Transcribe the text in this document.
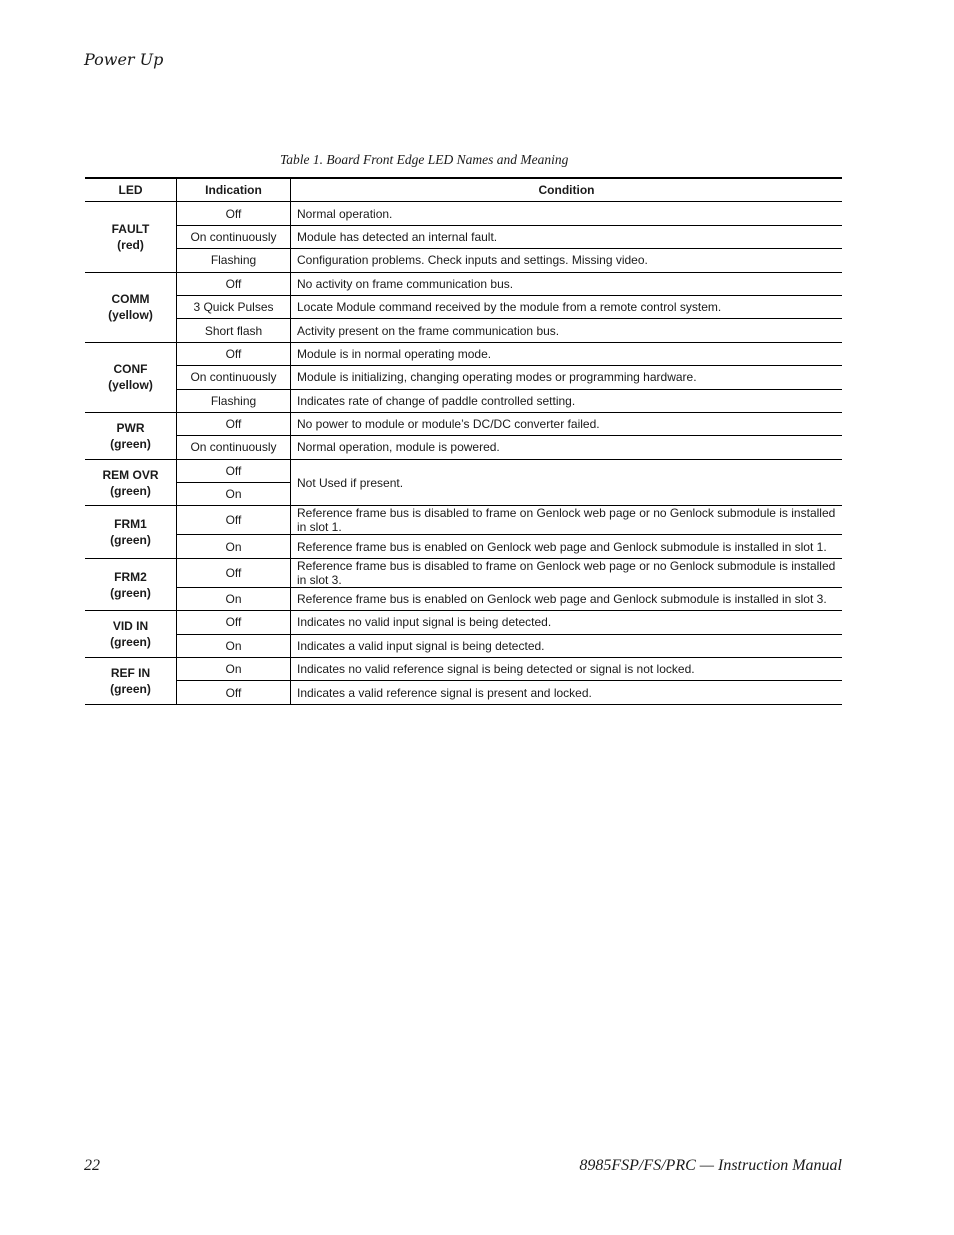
Power Up
Table 1. Board Front Edge LED Names and Meaning
LED	Indication	Condition
FAULT
(red)	Off	Normal operation.
	On continuously	Module has detected an internal fault.
	Flashing	Configuration problems. Check inputs and settings. Missing video.
COMM
(yellow)	Off	No activity on frame communication bus.
	3 Quick Pulses	Locate Module command received by the module from a remote control system.
	Short flash	Activity present on the frame communication bus.
CONF
(yellow)	Off	Module is in normal operating mode.
	On continuously	Module is initializing, changing operating modes or programming hardware.
	Flashing	Indicates rate of change of paddle controlled setting.
PWR
(green)	Off	No power to module or module’s DC/DC converter failed.
	On continuously	Normal operation, module is powered.
REM OVR
(green)	Off	Not Used if present.
	On	
FRM1
(green)	Off	Reference frame bus is disabled to frame on Genlock web page or no Genlock submodule is installed in slot 1.
	On	Reference frame bus is enabled on Genlock web page and Genlock submodule is installed in slot 1.
FRM2
(green)	Off	Reference frame bus is disabled to frame on Genlock web page or no Genlock submodule is installed in slot 3.
	On	Reference frame bus is enabled on Genlock web page and Genlock submodule is installed in slot 3.
VID IN
(green)	Off	Indicates no valid input signal is being detected.
	On	Indicates a valid input signal is being detected.
REF IN
(green)	On	Indicates no valid reference signal is being detected or signal is not locked.
	Off	Indicates a valid reference signal is present and locked.
22	8985FSP/FS/PRC — Instruction Manual
